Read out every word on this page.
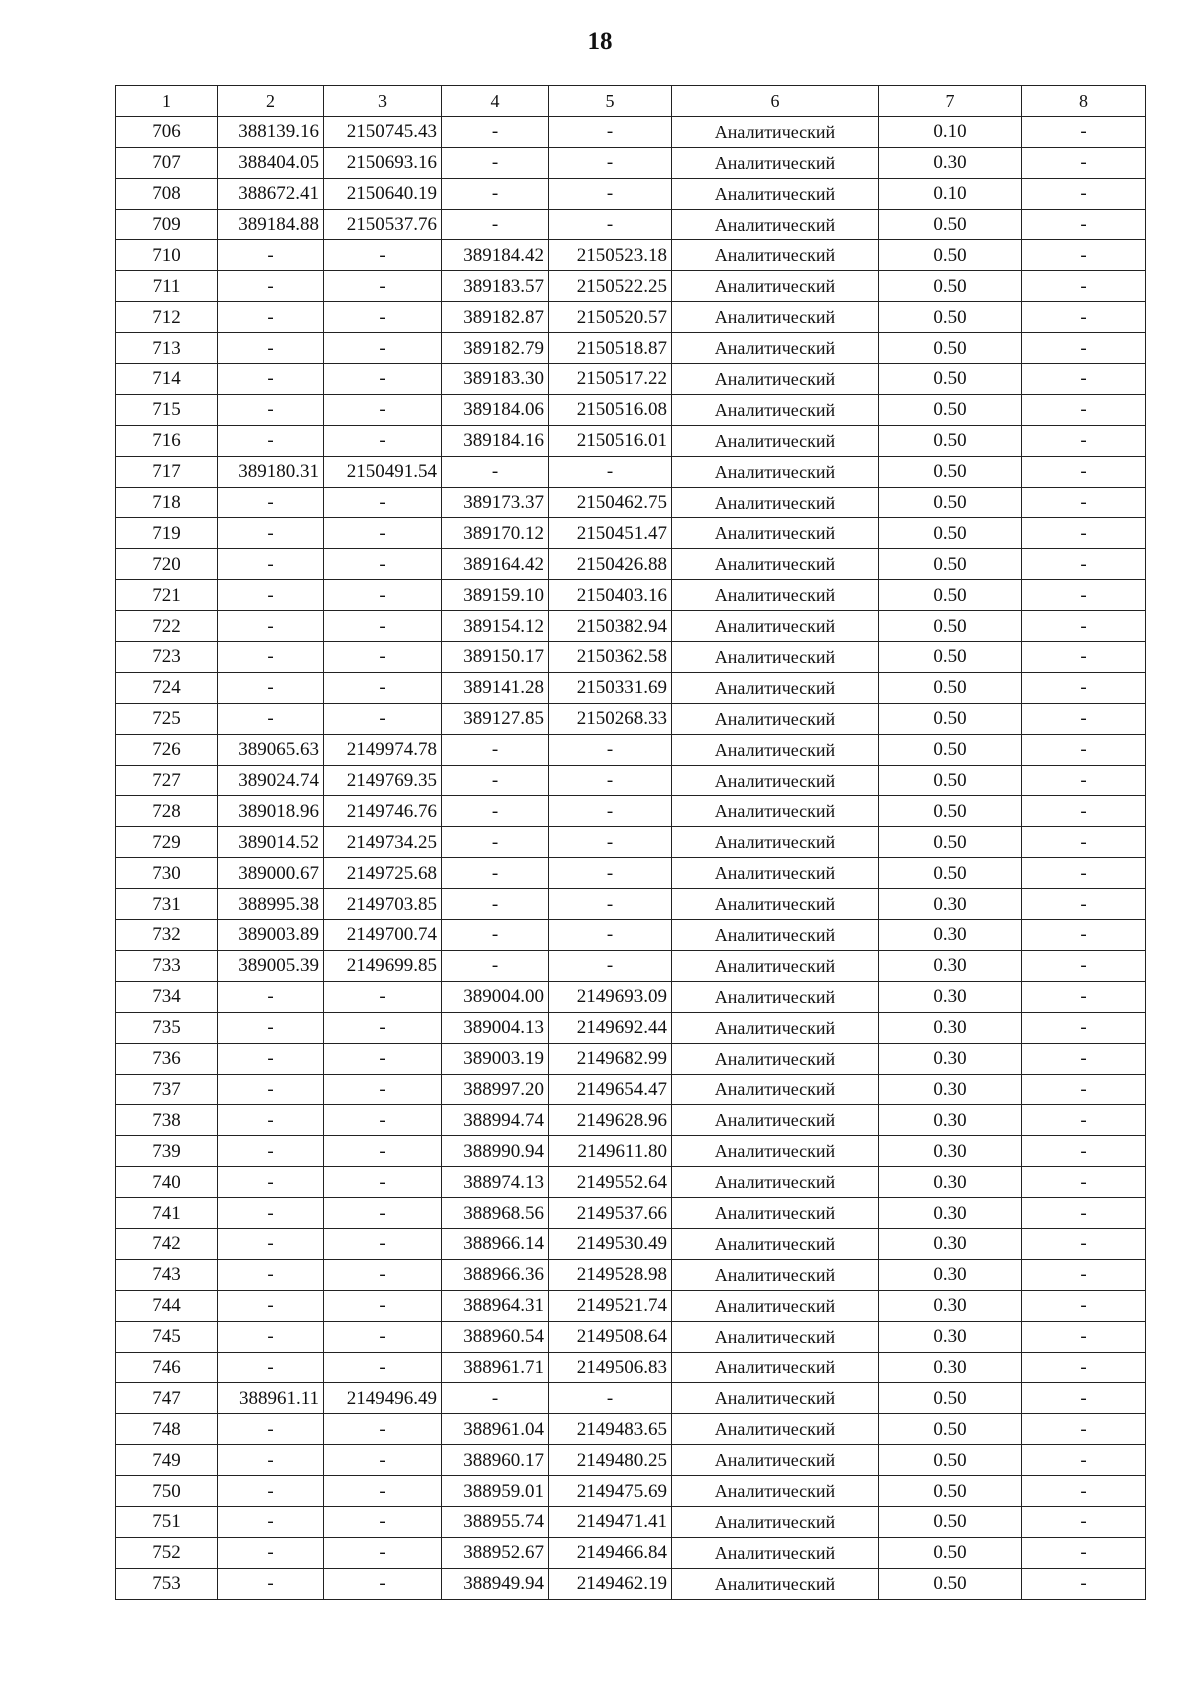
18
1	2	3	4	5	6	7	8
706	388139.16	2150745.43	-	-	Аналитический	0.10	-
707	388404.05	2150693.16	-	-	Аналитический	0.30	-
708	388672.41	2150640.19	-	-	Аналитический	0.10	-
709	389184.88	2150537.76	-	-	Аналитический	0.50	-
710	-	-	389184.42	2150523.18	Аналитический	0.50	-
711	-	-	389183.57	2150522.25	Аналитический	0.50	-
712	-	-	389182.87	2150520.57	Аналитический	0.50	-
713	-	-	389182.79	2150518.87	Аналитический	0.50	-
714	-	-	389183.30	2150517.22	Аналитический	0.50	-
715	-	-	389184.06	2150516.08	Аналитический	0.50	-
716	-	-	389184.16	2150516.01	Аналитический	0.50	-
717	389180.31	2150491.54	-	-	Аналитический	0.50	-
718	-	-	389173.37	2150462.75	Аналитический	0.50	-
719	-	-	389170.12	2150451.47	Аналитический	0.50	-
720	-	-	389164.42	2150426.88	Аналитический	0.50	-
721	-	-	389159.10	2150403.16	Аналитический	0.50	-
722	-	-	389154.12	2150382.94	Аналитический	0.50	-
723	-	-	389150.17	2150362.58	Аналитический	0.50	-
724	-	-	389141.28	2150331.69	Аналитический	0.50	-
725	-	-	389127.85	2150268.33	Аналитический	0.50	-
726	389065.63	2149974.78	-	-	Аналитический	0.50	-
727	389024.74	2149769.35	-	-	Аналитический	0.50	-
728	389018.96	2149746.76	-	-	Аналитический	0.50	-
729	389014.52	2149734.25	-	-	Аналитический	0.50	-
730	389000.67	2149725.68	-	-	Аналитический	0.50	-
731	388995.38	2149703.85	-	-	Аналитический	0.30	-
732	389003.89	2149700.74	-	-	Аналитический	0.30	-
733	389005.39	2149699.85	-	-	Аналитический	0.30	-
734	-	-	389004.00	2149693.09	Аналитический	0.30	-
735	-	-	389004.13	2149692.44	Аналитический	0.30	-
736	-	-	389003.19	2149682.99	Аналитический	0.30	-
737	-	-	388997.20	2149654.47	Аналитический	0.30	-
738	-	-	388994.74	2149628.96	Аналитический	0.30	-
739	-	-	388990.94	2149611.80	Аналитический	0.30	-
740	-	-	388974.13	2149552.64	Аналитический	0.30	-
741	-	-	388968.56	2149537.66	Аналитический	0.30	-
742	-	-	388966.14	2149530.49	Аналитический	0.30	-
743	-	-	388966.36	2149528.98	Аналитический	0.30	-
744	-	-	388964.31	2149521.74	Аналитический	0.30	-
745	-	-	388960.54	2149508.64	Аналитический	0.30	-
746	-	-	388961.71	2149506.83	Аналитический	0.30	-
747	388961.11	2149496.49	-	-	Аналитический	0.50	-
748	-	-	388961.04	2149483.65	Аналитический	0.50	-
749	-	-	388960.17	2149480.25	Аналитический	0.50	-
750	-	-	388959.01	2149475.69	Аналитический	0.50	-
751	-	-	388955.74	2149471.41	Аналитический	0.50	-
752	-	-	388952.67	2149466.84	Аналитический	0.50	-
753	-	-	388949.94	2149462.19	Аналитический	0.50	-
